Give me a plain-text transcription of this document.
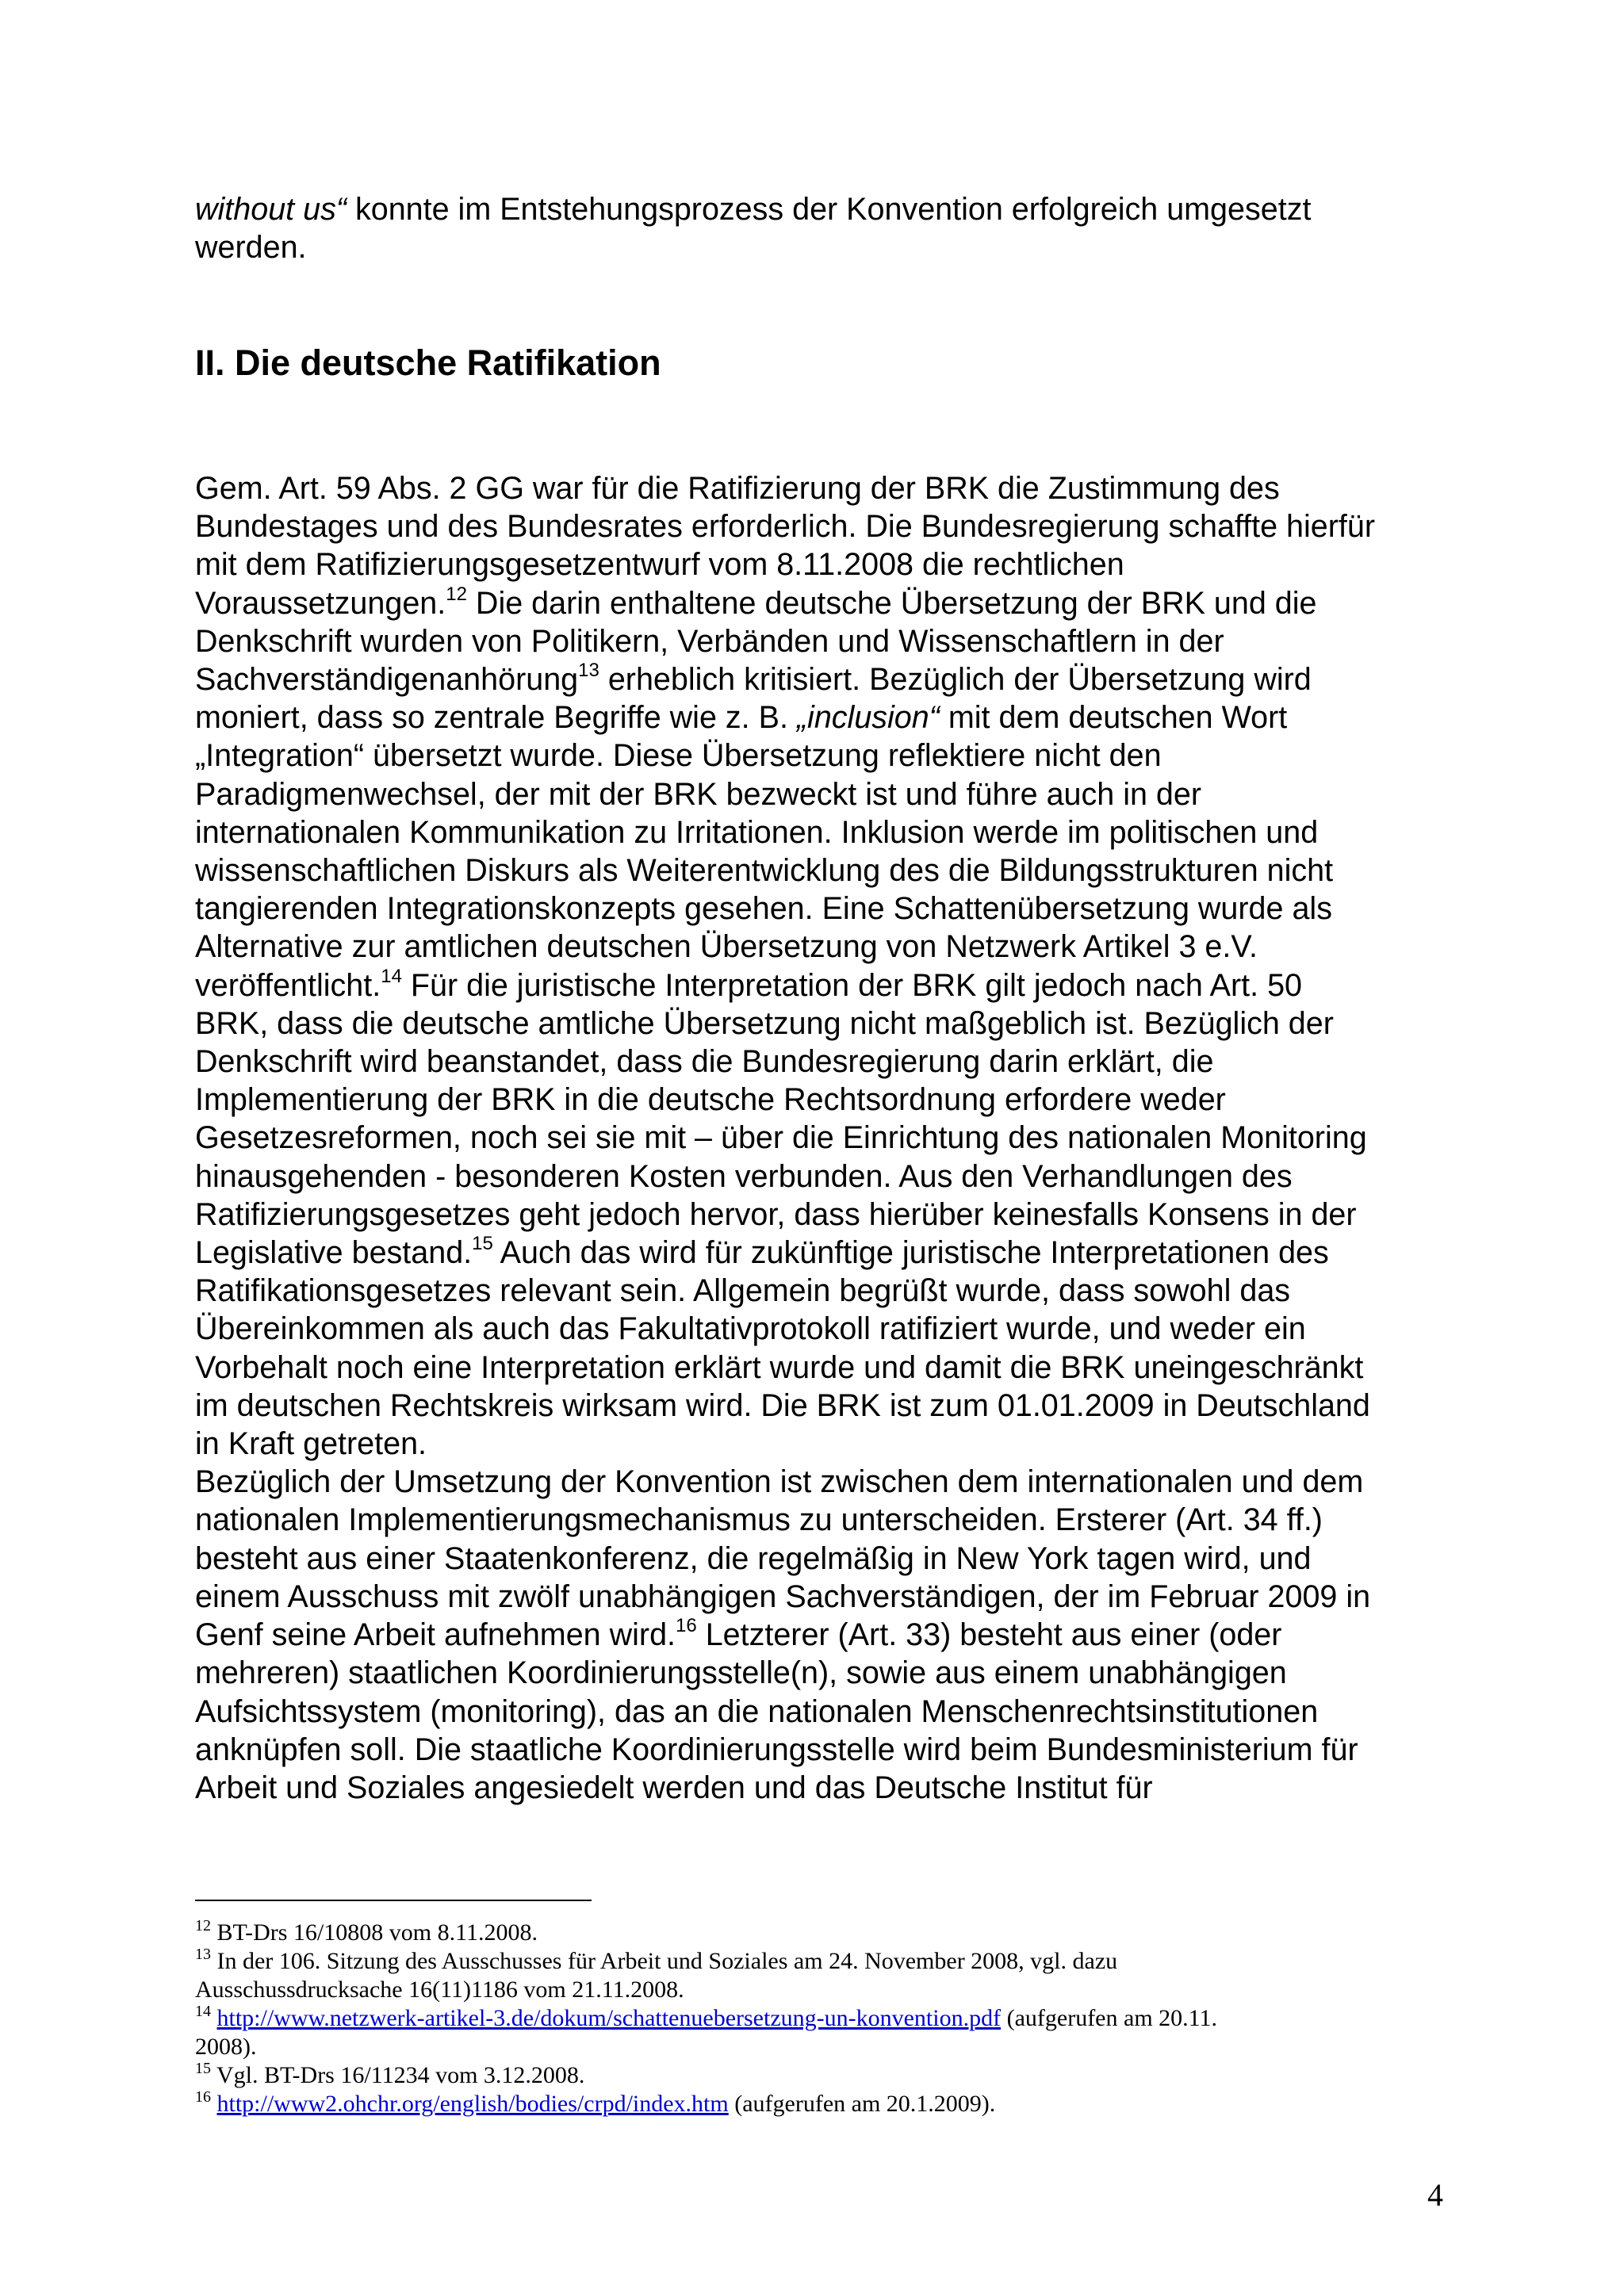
without us“ konnte im Entstehungsprozess der Konvention erfolgreich umgesetzt
werden.

II. Die deutsche Ratifikation

Gem. Art. 59 Abs. 2 GG war für die Ratifizierung der BRK die Zustimmung des
Bundestages und des Bundesrates erforderlich. Die Bundesregierung schaffte hierfür
mit dem Ratifizierungsgesetzentwurf vom 8.11.2008 die rechtlichen
Voraussetzungen.$^{12}$ Die darin enthaltene deutsche Übersetzung der BRK und die
Denkschrift wurden von Politikern, Verbänden und Wissenschaftlern in der
Sachverständigenanhörung$^{13}$ erheblich kritisiert. Bezüglich der Übersetzung wird
moniert, dass so zentrale Begriffe wie z. B. „inclusion“ mit dem deutschen Wort
„Integration“ übersetzt wurde. Diese Übersetzung reflektiere nicht den
Paradigmenwechsel, der mit der BRK bezweckt ist und führe auch in der
internationalen Kommunikation zu Irritationen. Inklusion werde im politischen und
wissenschaftlichen Diskurs als Weiterentwicklung des die Bildungsstrukturen nicht
tangierenden Integrationskonzepts gesehen. Eine Schattenübersetzung wurde als
Alternative zur amtlichen deutschen Übersetzung von Netzwerk Artikel 3 e.V.
veröffentlicht.$^{14}$ Für die juristische Interpretation der BRK gilt jedoch nach Art. 50
BRK, dass die deutsche amtliche Übersetzung nicht maßgeblich ist. Bezüglich der
Denkschrift wird beanstandet, dass die Bundesregierung darin erklärt, die
Implementierung der BRK in die deutsche Rechtsordnung erfordere weder
Gesetzesreformen, noch sei sie mit – über die Einrichtung des nationalen Monitoring
hinausgehenden - besonderen Kosten verbunden. Aus den Verhandlungen des
Ratifizierungsgesetzes geht jedoch hervor, dass hierüber keinesfalls Konsens in der
Legislative bestand.$^{15}$ Auch das wird für zukünftige juristische Interpretationen des
Ratifikationsgesetzes relevant sein. Allgemein begrüßt wurde, dass sowohl das
Übereinkommen als auch das Fakultativprotokoll ratifiziert wurde, und weder ein
Vorbehalt noch eine Interpretation erklärt wurde und damit die BRK uneingeschränkt
im deutschen Rechtskreis wirksam wird. Die BRK ist zum 01.01.2009 in Deutschland
in Kraft getreten.
Bezüglich der Umsetzung der Konvention ist zwischen dem internationalen und dem
nationalen Implementierungsmechanismus zu unterscheiden. Ersterer (Art. 34 ff.)
besteht aus einer Staatenkonferenz, die regelmäßig in New York tagen wird, und
einem Ausschuss mit zwölf unabhängigen Sachverständigen, der im Februar 2009 in
Genf seine Arbeit aufnehmen wird.$^{16}$ Letzterer (Art. 33) besteht aus einer (oder
mehreren) staatlichen Koordinierungsstelle(n), sowie aus einem unabhängigen
Aufsichtssystem (monitoring), das an die nationalen Menschenrechtsinstitutionen
anknüpfen soll. Die staatliche Koordinierungsstelle wird beim Bundesministerium für
Arbeit und Soziales angesiedelt werden und das Deutsche Institut für

$^{12}$ BT-Drs 16/10808 vom 8.11.2008.
$^{13}$ In der 106. Sitzung des Ausschusses für Arbeit und Soziales am 24. November 2008, vgl. dazu
Ausschussdrucksache 16(11)1186 vom 21.11.2008.
$^{14}$ http://www.netzwerk-artikel-3.de/dokum/schattenuebersetzung-un-konvention.pdf (aufgerufen am 20.11.
2008).
$^{15}$ Vgl. BT-Drs 16/11234 vom 3.12.2008.
$^{16}$ http://www2.ohchr.org/english/bodies/crpd/index.htm (aufgerufen am 20.1.2009).
4
